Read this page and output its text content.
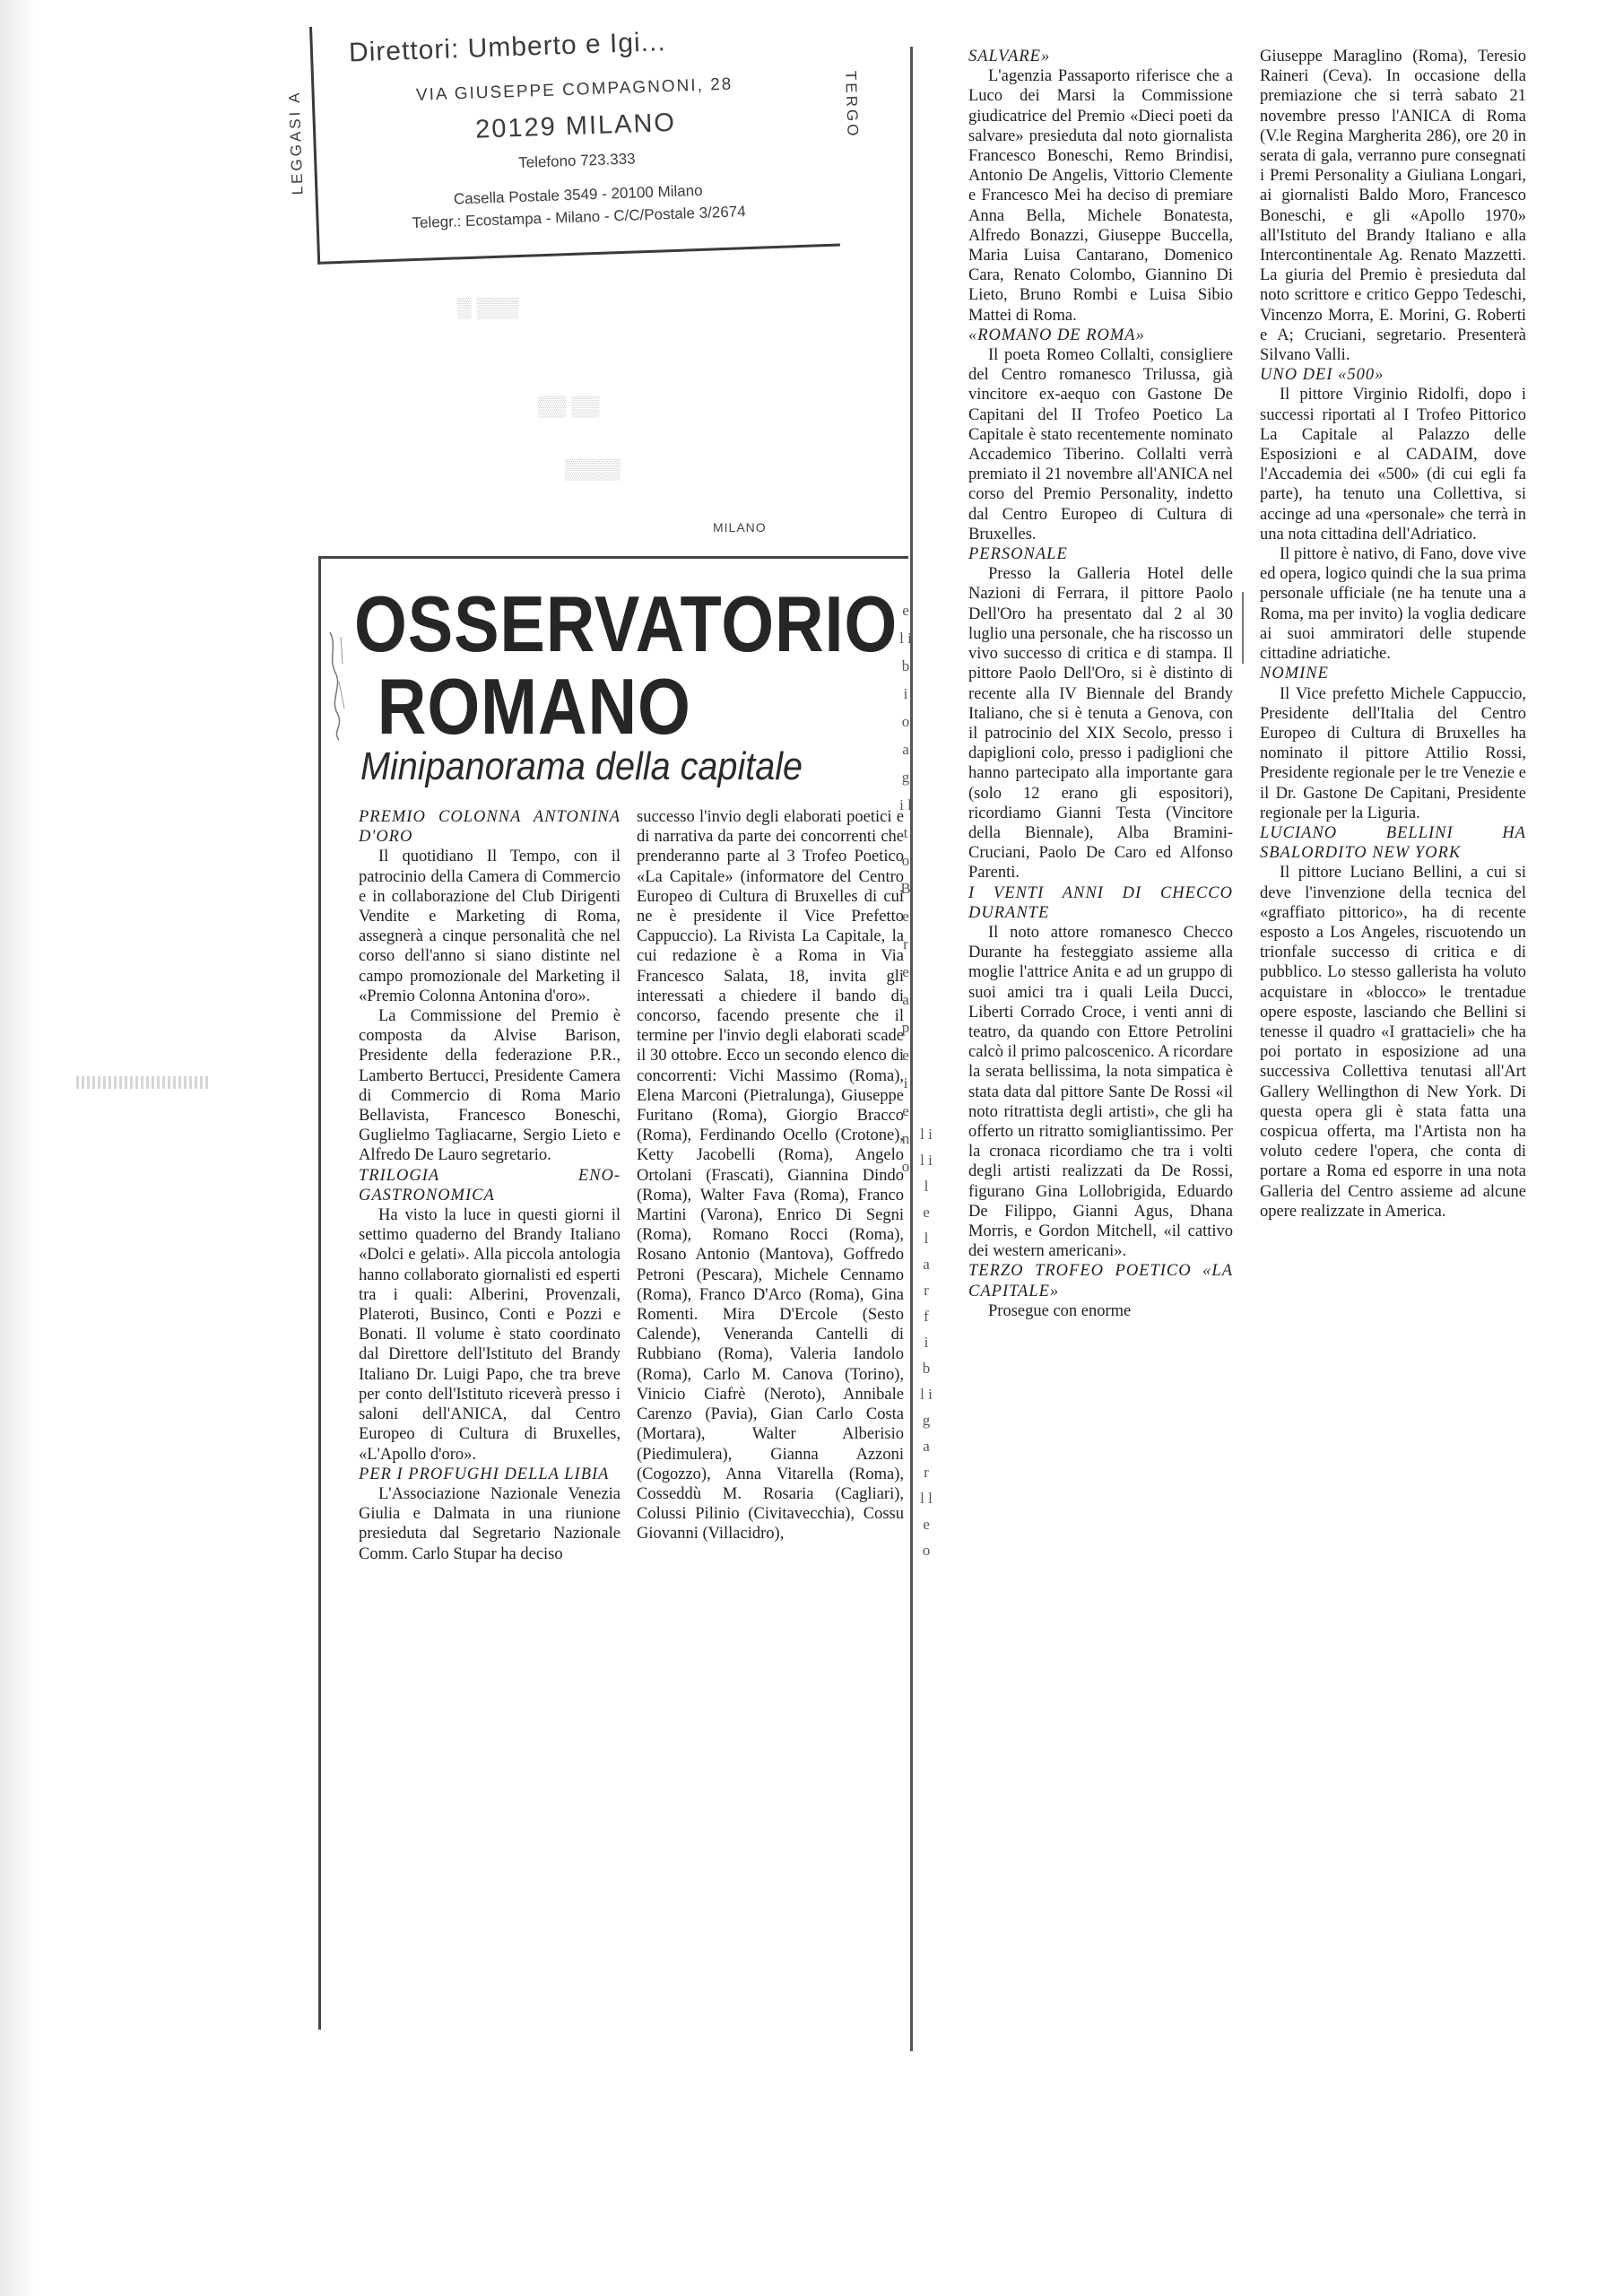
LEGGASI A	TERGO
Direttori: Umberto e Igi...
VIA GIUSEPPE COMPAGNONI, 28
20129 MILANO
Telefono 723.333
Casella Postale 3549 - 20100 Milano
Telegr.: Ecostampa - Milano - C/C/Postale 3/2674
▒ ▒▒▒
▒▒ ▒▒
▒▒▒▒
MILANO
OSSERVATORIO
ROMANO
Minipanorama della capitale

PREMIO COLONNA ANTONINA D'ORO

Il quotidiano Il Tempo, con il patrocinio della Camera di Commercio e in collaborazione del Club Dirigenti Vendite e Marketing di Roma, assegnerà a cinque personalità che nel corso dell'anno si siano distinte nel campo promozionale del Marketing il «Premio Colonna Antonina d'oro».

La Commissione del Premio è composta da Alvise Barison, Presidente della federazione P.R., Lamberto Bertucci, Presidente Camera di Commercio di Roma Mario Bellavista, Francesco Boneschi, Guglielmo Tagliacarne, Sergio Lieto e Alfredo De Lauro segretario.

TRILOGIA ENO-GASTRONOMICA

Ha visto la luce in questi giorni il settimo quaderno del Brandy Italiano «Dolci e gelati». Alla piccola antologia hanno collaborato giornalisti ed esperti tra i quali: Alberini, Provenzali, Plateroti, Businco, Conti e Pozzi e Bonati. Il volume è stato coordinato dal Direttore dell'Istituto del Brandy Italiano Dr. Luigi Papo, che tra breve per conto dell'Istituto riceverà presso i saloni dell'ANICA, dal Centro Europeo di Cultura di Bruxelles, «L'Apollo d'oro».

PER I PROFUGHI DELLA LIBIA

L'Associazione Nazionale Venezia Giulia e Dalmata in una riunione presieduta dal Segretario Nazionale Comm. Carlo Stupar ha deciso

successo l'invio degli elaborati poetici e di narrativa da parte dei concorrenti che prenderanno parte al 3 Trofeo Poetico «La Capitale» (informatore del Centro Europeo di Cultura di Bruxelles di cui ne è presidente il Vice Prefetto Cappuccio). La Rivista La Capitale, la cui redazione è a Roma in Via Francesco Salata, 18, invita gli interessati a chiedere il bando di concorso, facendo presente che il termine per l'invio degli elaborati scade il 30 ottobre. Ecco un secondo elenco di concorrenti: Vichi Massimo (Roma), Elena Marconi (Pietralunga), Giuseppe Furitano (Roma), Giorgio Bracco (Roma), Ferdinando Ocello (Crotone), Ketty Jacobelli (Roma), Angelo Ortolani (Frascati), Giannina Dindo (Roma), Walter Fava (Roma), Franco Martini (Varona), Enrico Di Segni (Roma), Romano Rocci (Roma), Rosano Antonio (Mantova), Goffredo Petroni (Pescara), Michele Cennamo (Roma), Franco D'Arco (Roma), Gina Romenti. Mira D'Ercole (Sesto Calende), Veneranda Cantelli di Rubbiano (Roma), Valeria Iandolo (Roma), Carlo M. Canova (Torino), Vinicio Ciafrè (Neroto), Annibale Carenzo (Pavia), Gian Carlo Costa (Mortara), Walter Alberisio (Piedimulera), Gianna Azzoni (Cogozzo), Anna Vitarella (Roma), Cosseddù M. Rosaria (Cagliari), Colussi Pilinio (Civitavecchia), Cossu Giovanni (Villacidro),

SALVARE»

L'agenzia Passaporto riferisce che a Luco dei Marsi la Commissione giudicatrice del Premio «Dieci poeti da salvare» presieduta dal noto giornalista Francesco Boneschi, Remo Brindisi, Antonio De Angelis, Vittorio Clemente e Francesco Mei ha deciso di premiare Anna Bella, Michele Bonatesta, Alfredo Bonazzi, Giuseppe Buccella, Maria Luisa Cantarano, Domenico Cara, Renato Colombo, Giannino Di Lieto, Bruno Rombi e Luisa Sibio Mattei di Roma.

«ROMANO DE ROMA»

Il poeta Romeo Collalti, consigliere del Centro romanesco Trilussa, già vincitore ex-aequo con Gastone De Capitani del II Trofeo Poetico La Capitale è stato recentemente nominato Accademico Tiberino. Collalti verrà premiato il 21 novembre all'ANICA nel corso del Premio Personality, indetto dal Centro Europeo di Cultura di Bruxelles.

PERSONALE

Presso la Galleria Hotel delle Nazioni di Ferrara, il pittore Paolo Dell'Oro ha presentato dal 2 al 30 luglio una personale, che ha riscosso un vivo successo di critica e di stampa. Il pittore Paolo Dell'Oro, si è distinto di recente alla IV Biennale del Brandy Italiano, che si è tenuta a Genova, con il patrocinio del XIX Secolo, presso i dapiglioni colo, presso i padiglioni che hanno partecipato alla importante gara (solo 12 erano gli espositori), ricordiamo Gianni Testa (Vincitore della Biennale), Alba Bramini-Cruciani, Paolo De Caro ed Alfonso Parenti.

I VENTI ANNI DI CHECCO DURANTE

Il noto attore romanesco Checco Durante ha festeggiato assieme alla moglie l'attrice Anita e ad un gruppo di suoi amici tra i quali Leila Ducci, Liberti Corrado Croce, i venti anni di teatro, da quando con Ettore Petrolini calcò il primo palcoscenico. A ricordare la serata bellissima, la nota simpatica è stata data dal pittore Sante De Rossi «il noto ritrattista degli artisti», che gli ha offerto un ritratto somigliantissimo. Per la cronaca ricordiamo che tra i volti degli artisti realizzati da De Rossi, figurano Gina Lollobrigida, Eduardo De Filippo, Gianni Agus, Dhana Morris, e Gordon Mitchell, «il cattivo dei western americani».

TERZO TROFEO POETICO «LA CAPITALE»

Prosegue con enorme

Giuseppe Maraglino (Roma), Teresio Raineri (Ceva). In occasione della premiazione che si terrà sabato 21 novembre presso l'ANICA di Roma (V.le Regina Margherita 286), ore 20 in serata di gala, verranno pure consegnati i Premi Personality a Giuliana Longari, ai giornalisti Baldo Moro, Francesco Boneschi, e gli «Apollo 1970» all'Istituto del Brandy Italiano e alla Intercontinentale Ag. Renato Mazzetti. La giuria del Premio è presieduta dal noto scrittore e critico Geppo Tedeschi, Vincenzo Morra, E. Morini, G. Roberti e A; Cruciani, segretario. Presenterà Silvano Valli.

UNO DEI «500»

Il pittore Virginio Ridolfi, dopo i successi riportati al I Trofeo Pittorico La Capitale al Palazzo delle Esposizioni e al CADAIM, dove l'Accademia dei «500» (di cui egli fa parte), ha tenuto una Collettiva, si accinge ad una «personale» che terrà in una nota cittadina dell'Adriatico.

Il pittore è nativo, di Fano, dove vive ed opera, logico quindi che la sua prima personale ufficiale (ne ha tenute una a Roma, ma per invito) la voglia dedicare ai suoi ammiratori delle stupende cittadine adriatiche.

NOMINE

Il Vice prefetto Michele Cappuccio, Presidente dell'Italia del Centro Europeo di Cultura di Bruxelles ha nominato il pittore Attilio Rossi, Presidente regionale per le tre Venezie e il Dr. Gastone De Capitani, Presidente regionale per la Liguria.

LUCIANO BELLINI HA SBALORDITO NEW YORK

Il pittore Luciano Bellini, a cui si deve l'invenzione della tecnica del «graffiato pittorico», ha di recente esposto a Los Angeles, riscuotendo un trionfale successo di critica e di pubblico. Lo stesso gallerista ha voluto acquistare in «blocco» le trentadue opere esposte, lasciando che Bellini si tenesse il quadro «I grattacieli» che ha poi portato in esposizione ad una successiva Collettiva tenutasi all'Art Gallery Wellingthon di New York. Di questa opera gli è stata fatta una cospicua offerta, ma l'Artista non ha voluto cedere l'opera, che conta di portare a Roma ed esporre in una nota Galleria del Centro assieme ad alcune opere realizzate in America.

e l i b i o a g i l t o B e r e a p e i e n o
l i l i l e l a r f i b l i g a r l l e o
